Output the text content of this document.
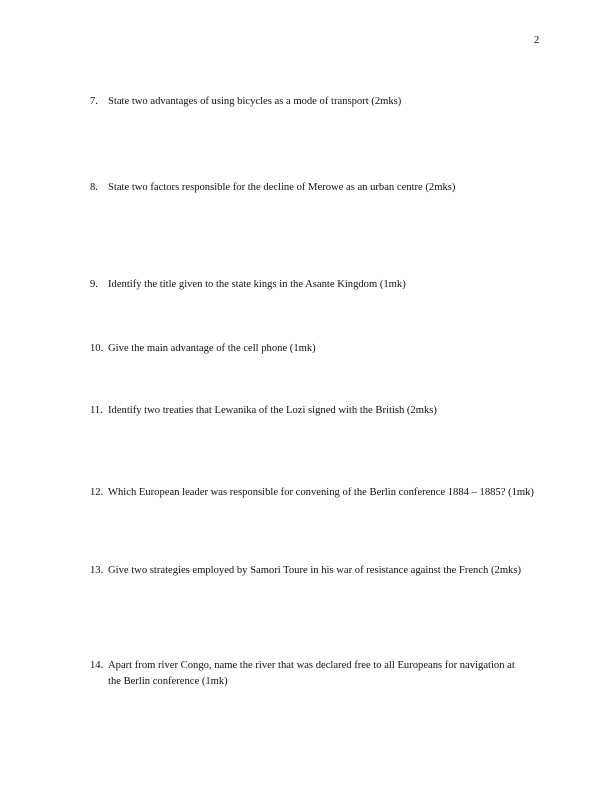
2
7. State two advantages of using bicycles as a mode of transport (2mks)
8. State two factors responsible for the decline of Merowe as an urban centre (2mks)
9. Identify the title given to the state kings in the Asante Kingdom (1mk)
10. Give the main advantage of the cell phone (1mk)
11. Identify two treaties that Lewanika of the Lozi signed with the British (2mks)
12. Which European leader was responsible for convening of the Berlin conference 1884 – 1885? (1mk)
13. Give two strategies employed by Samori Toure in his war of resistance against the French (2mks)
14. Apart from river Congo, name the river that was declared free to all Europeans for navigation at the Berlin conference (1mk)
